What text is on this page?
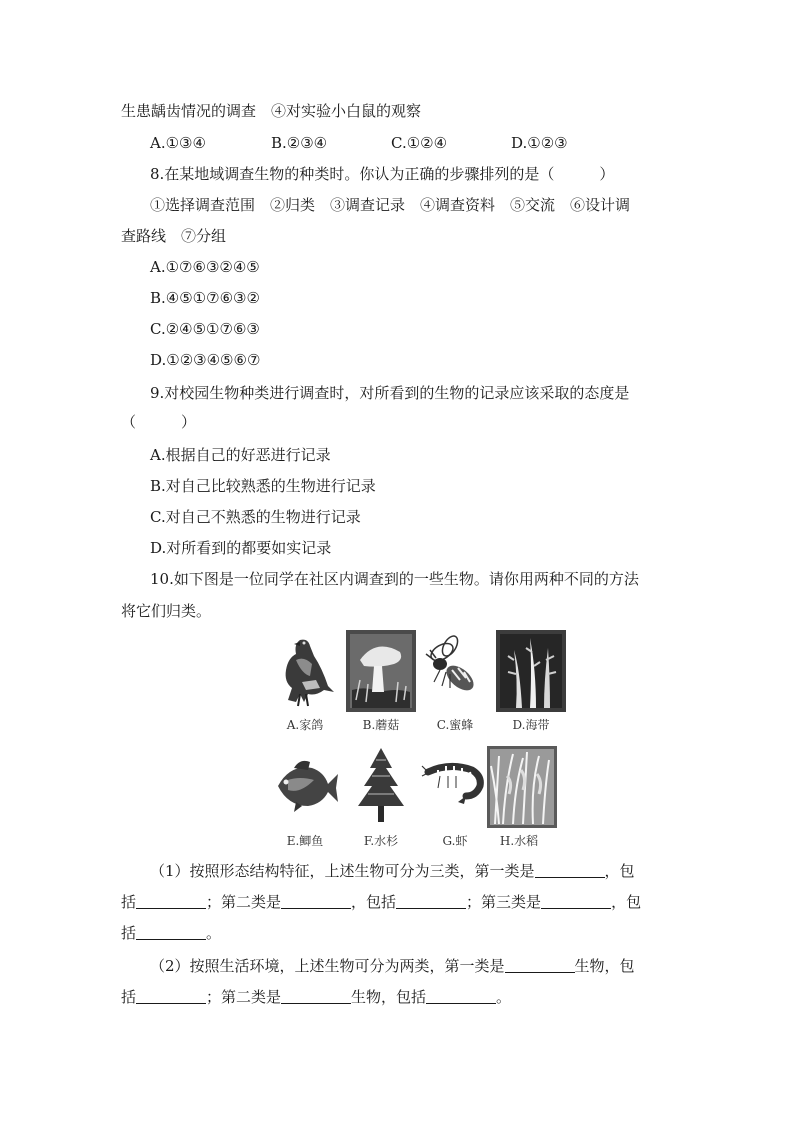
生患龋齿情况的调查　④对实验小白鼠的观察
A.①③④	B.②③④	C.①②④	D.①②③
8.在某地域调查生物的种类时。你认为正确的步骤排列的是（　　　）
①选择调查范围　②归类　③调查记录　④调查资料　⑤交流　⑥设计调
查路线　⑦分组
A.①⑦⑥③②④⑤
B.④⑤①⑦⑥③②
C.②④⑤①⑦⑥③
D.①②③④⑤⑥⑦
9.对校园生物种类进行调查时，对所看到的生物的记录应该采取的态度是
（　　　）
A.根据自己的好恶进行记录
B.对自己比较熟悉的生物进行记录
C.对自己不熟悉的生物进行记录
D.对所看到的都要如实记录
10.如下图是一位同学在社区内调查到的一些生物。请你用两种不同的方法
将它们归类。
A.家鸽	B.蘑菇	C.蜜蜂	D.海带
E.鲫鱼	F.水杉	G.虾	H.水稻
（1）按照形态结构特征，上述生物可分为三类，第一类是	，包
括	；第二类是	，包括	；第三类是	，包
括	。
（2）按照生活环境，上述生物可分为两类，第一类是	生物，包
括	；第二类是	生物，包括	。
